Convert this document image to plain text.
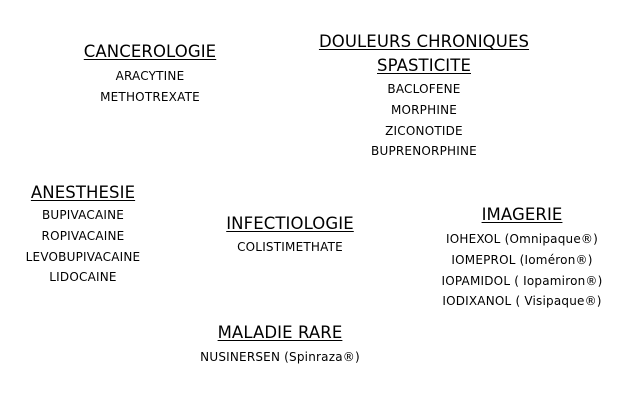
CANCEROLOGIE
ARACYTINE
METHOTREXATE
DOULEURS CHRONIQUES
SPASTICITE
BACLOFENE
MORPHINE
ZICONOTIDE
BUPRENORPHINE
ANESTHESIE
BUPIVACAINE
ROPIVACAINE
LEVOBUPIVACAINE
LIDOCAINE
INFECTIOLOGIE
COLISTIMETHATE
IMAGERIE
IOHEXOL (Omnipaque®)
IOMEPROL (Ioméron®)
IOPAMIDOL ( Iopamiron®)
IODIXANOL ( Visipaque®)
MALADIE RARE
NUSINERSEN (Spinraza®)
